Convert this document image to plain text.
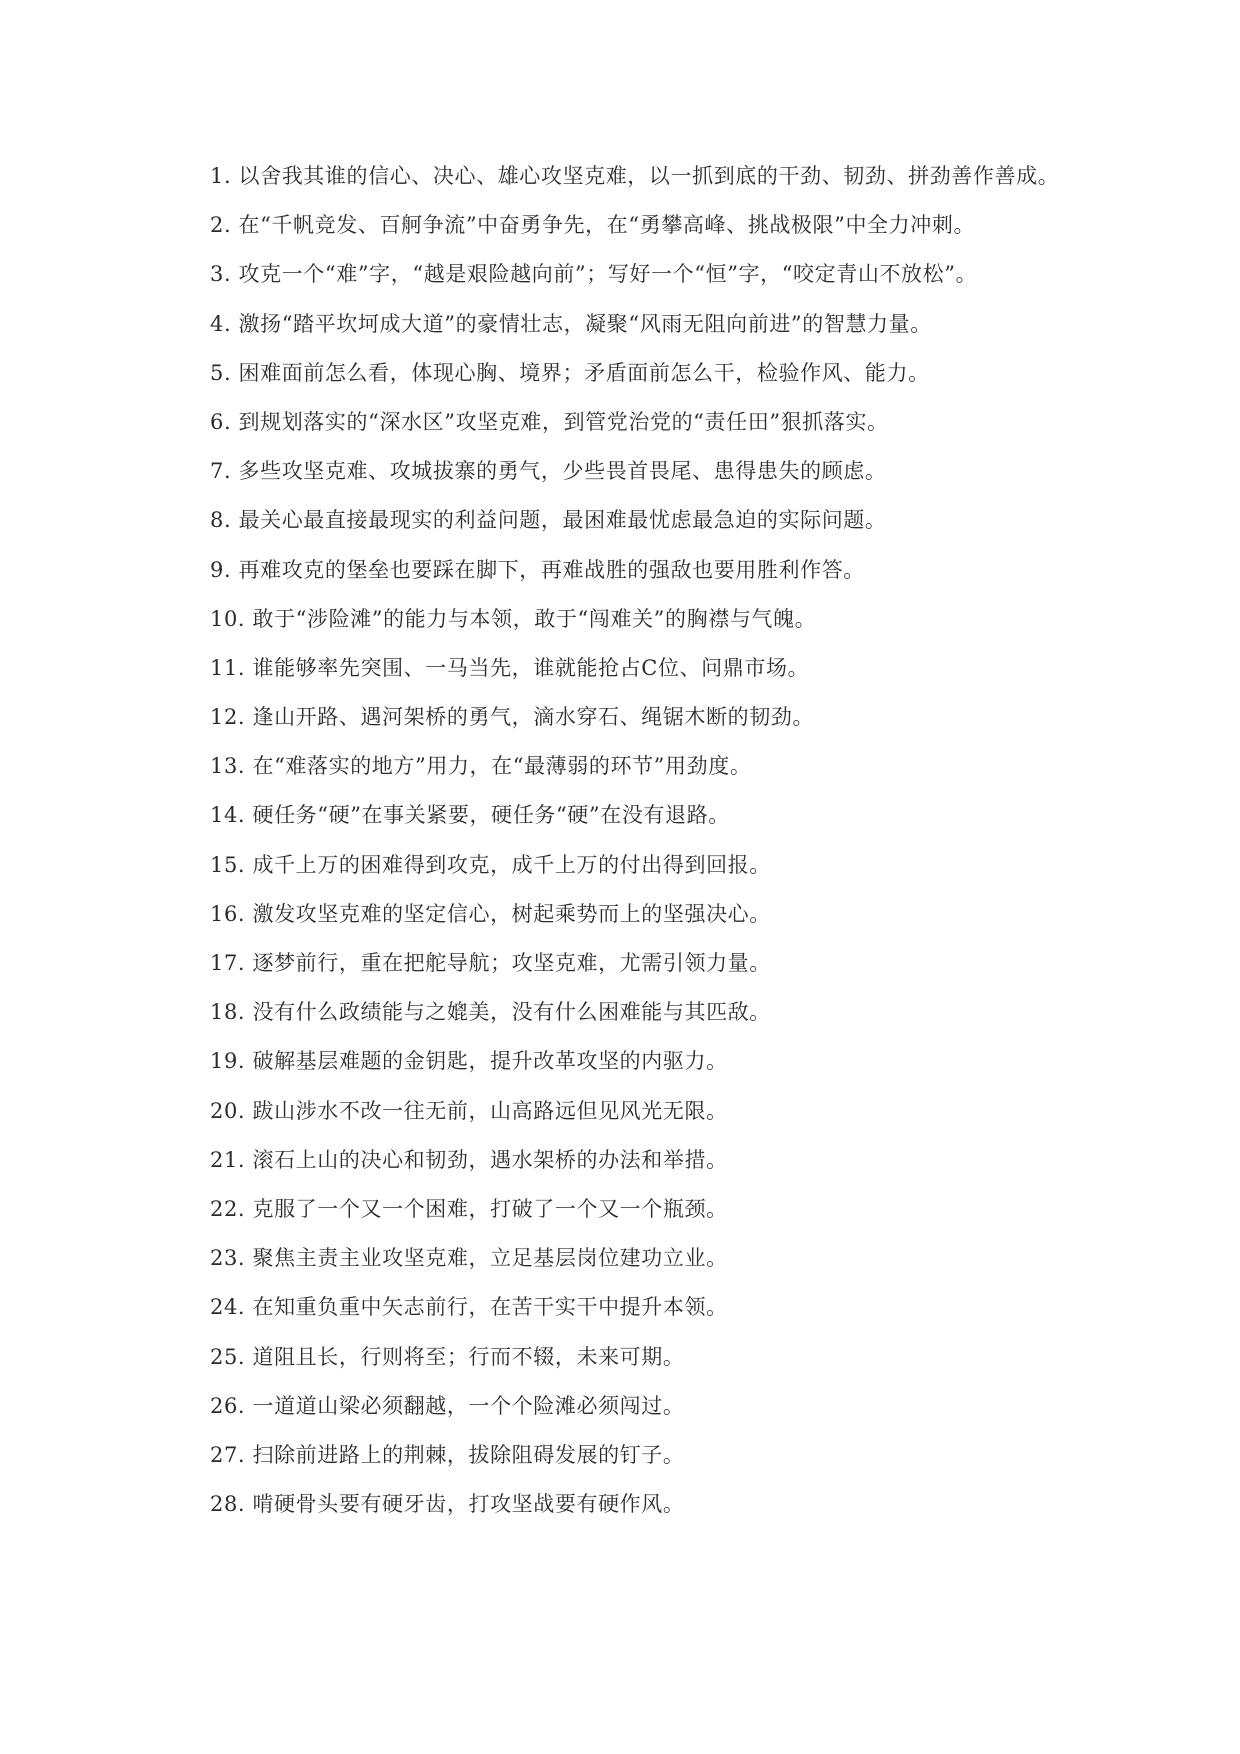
1. 以舍我其谁的信心、决心、雄心攻坚克难，以一抓到底的干劲、韧劲、拼劲善作善成。

2. 在“千帆竞发、百舸争流”中奋勇争先，在“勇攀高峰、挑战极限”中全力冲刺。

3. 攻克一个“难”字，“越是艰险越向前”；写好一个“恒”字，“咬定青山不放松”。

4. 激扬“踏平坎坷成大道”的豪情壮志，凝聚“风雨无阻向前进”的智慧力量。

5. 困难面前怎么看，体现心胸、境界；矛盾面前怎么干，检验作风、能力。

6. 到规划落实的“深水区”攻坚克难，到管党治党的“责任田”狠抓落实。

7. 多些攻坚克难、攻城拔寨的勇气，少些畏首畏尾、患得患失的顾虑。

8. 最关心最直接最现实的利益问题，最困难最忧虑最急迫的实际问题。

9. 再难攻克的堡垒也要踩在脚下，再难战胜的强敌也要用胜利作答。

10. 敢于“涉险滩”的能力与本领，敢于“闯难关”的胸襟与气魄。

11. 谁能够率先突围、一马当先，谁就能抢占C位、问鼎市场。

12. 逢山开路、遇河架桥的勇气，滴水穿石、绳锯木断的韧劲。

13. 在“难落实的地方”用力，在“最薄弱的环节”用劲度。

14. 硬任务“硬”在事关紧要，硬任务“硬”在没有退路。

15. 成千上万的困难得到攻克，成千上万的付出得到回报。

16. 激发攻坚克难的坚定信心，树起乘势而上的坚强决心。

17. 逐梦前行，重在把舵导航；攻坚克难，尤需引领力量。

18. 没有什么政绩能与之媲美，没有什么困难能与其匹敌。

19. 破解基层难题的金钥匙，提升改革攻坚的内驱力。

20. 跋山涉水不改一往无前，山高路远但见风光无限。

21. 滚石上山的决心和韧劲，遇水架桥的办法和举措。

22. 克服了一个又一个困难，打破了一个又一个瓶颈。

23. 聚焦主责主业攻坚克难，立足基层岗位建功立业。

24. 在知重负重中矢志前行，在苦干实干中提升本领。

25. 道阻且长，行则将至；行而不辍，未来可期。

26. 一道道山梁必须翻越，一个个险滩必须闯过。

27. 扫除前进路上的荆棘，拔除阻碍发展的钉子。

28. 啃硬骨头要有硬牙齿，打攻坚战要有硬作风。
